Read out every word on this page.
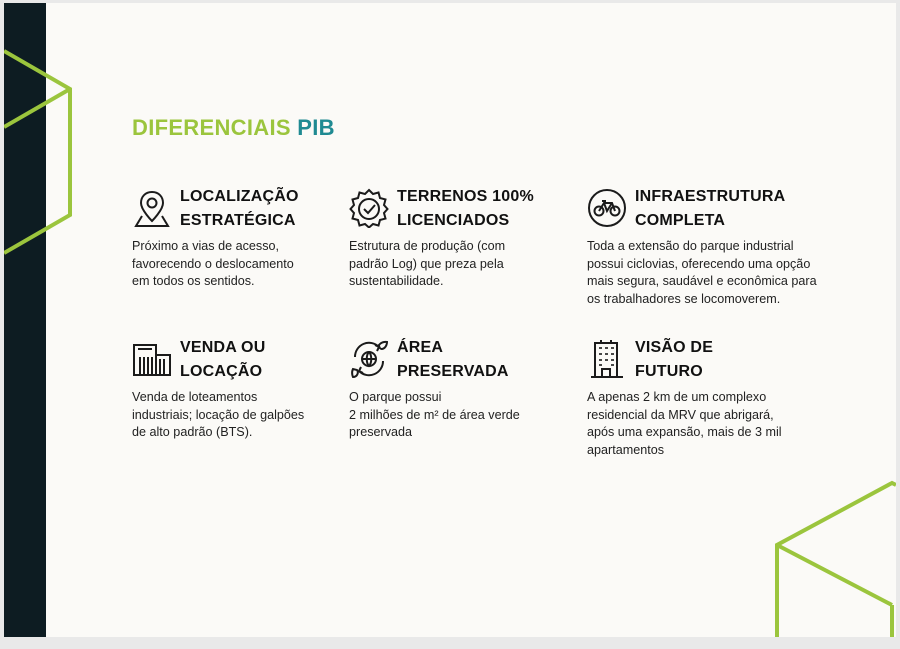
DIFERENCIAIS PIB
LOCALIZAÇÃO
ESTRATÉGICA
Próximo a vias de acesso,
favorecendo o deslocamento
em todos os sentidos.
TERRENOS 100%
LICENCIADOS
Estrutura de produção (com
padrão Log) que preza pela
sustentabilidade.
INFRAESTRUTURA
COMPLETA
Toda a extensão do parque industrial
possui ciclovias, oferecendo uma opção
mais segura, saudável e econômica para
os trabalhadores se locomoverem.
VENDA OU
LOCAÇÃO
Venda de loteamentos
industriais; locação de galpões
de alto padrão (BTS).
ÁREA
PRESERVADA
O parque possui
2 milhões de m² de área verde
preservada
VISÃO DE
FUTURO
A apenas 2 km de um complexo
residencial da MRV que abrigará,
após uma expansão, mais de 3 mil
apartamentos
